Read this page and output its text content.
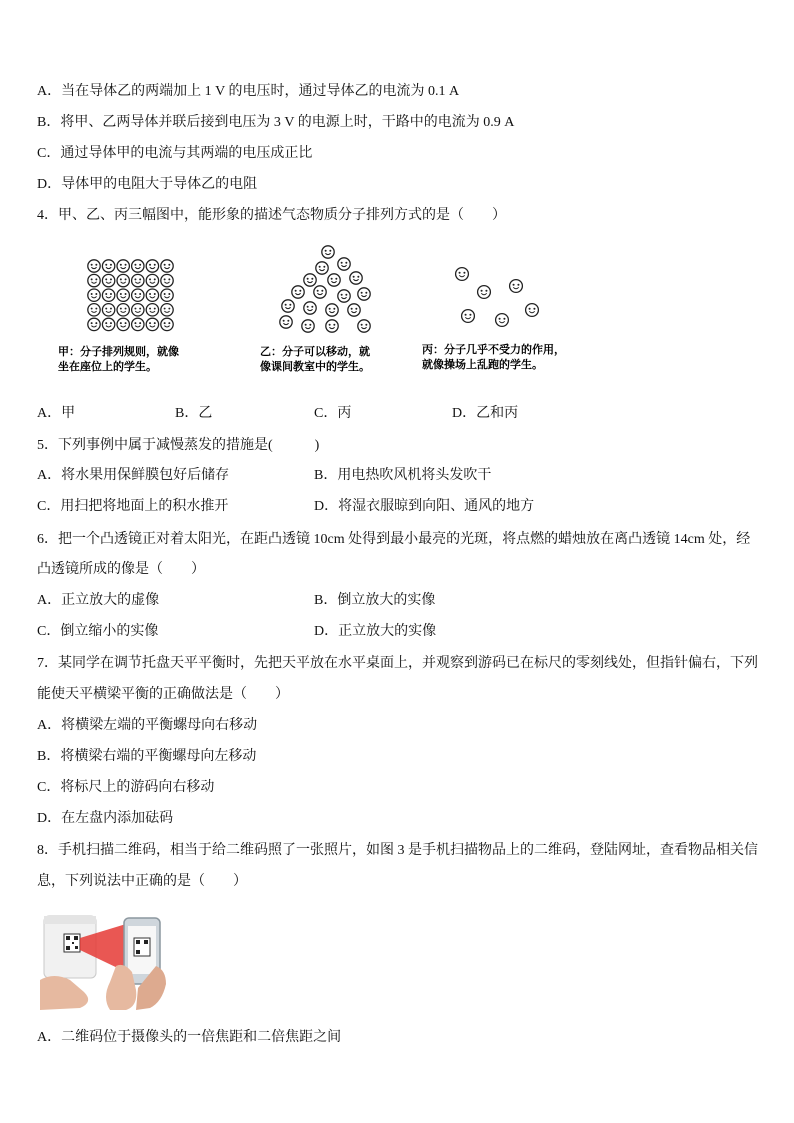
A．当在导体乙的两端加上 1 V 的电压时，通过导体乙的电流为 0.1 A
B．将甲、乙两导体并联后接到电压为 3 V 的电源上时，干路中的电流为 0.9 A
C．通过导体甲的电流与其两端的电压成正比
D．导体甲的电阻大于导体乙的电阻
4．甲、乙、丙三幅图中，能形象的描述气态物质分子排列方式的是（　　）
甲：分子排列规则，就像
坐在座位上的学生。
乙：分子可以移动，就
像课间教室中的学生。
丙：分子几乎不受力的作用，
就像操场上乱跑的学生。
A．甲	B．乙	C．丙	D．乙和丙
5．下列事例中属于减慢蒸发的措施是(　　　)
A．将水果用保鲜膜包好后储存	B．用电热吹风机将头发吹干
C．用扫把将地面上的积水推开	D．将湿衣服晾到向阳、通风的地方
6．把一个凸透镜正对着太阳光，在距凸透镜 10cm 处得到最小最亮的光斑，将点燃的蜡烛放在离凸透镜 14cm 处，经
凸透镜所成的像是（　　）
A．正立放大的虚像	B．倒立放大的实像
C．倒立缩小的实像	D．正立放大的实像
7．某同学在调节托盘天平平衡时，先把天平放在水平桌面上，并观察到游码已在标尺的零刻线处，但指针偏右，下列
能使天平横梁平衡的正确做法是（　　）
A．将横梁左端的平衡螺母向右移动
B．将横梁右端的平衡螺母向左移动
C．将标尺上的游码向右移动
D．在左盘内添加砝码
8．手机扫描二维码，相当于给二维码照了一张照片，如图 3 是手机扫描物品上的二维码，登陆网址，查看物品相关信
息，下列说法中正确的是（　　）
A．二维码位于摄像头的一倍焦距和二倍焦距之间
